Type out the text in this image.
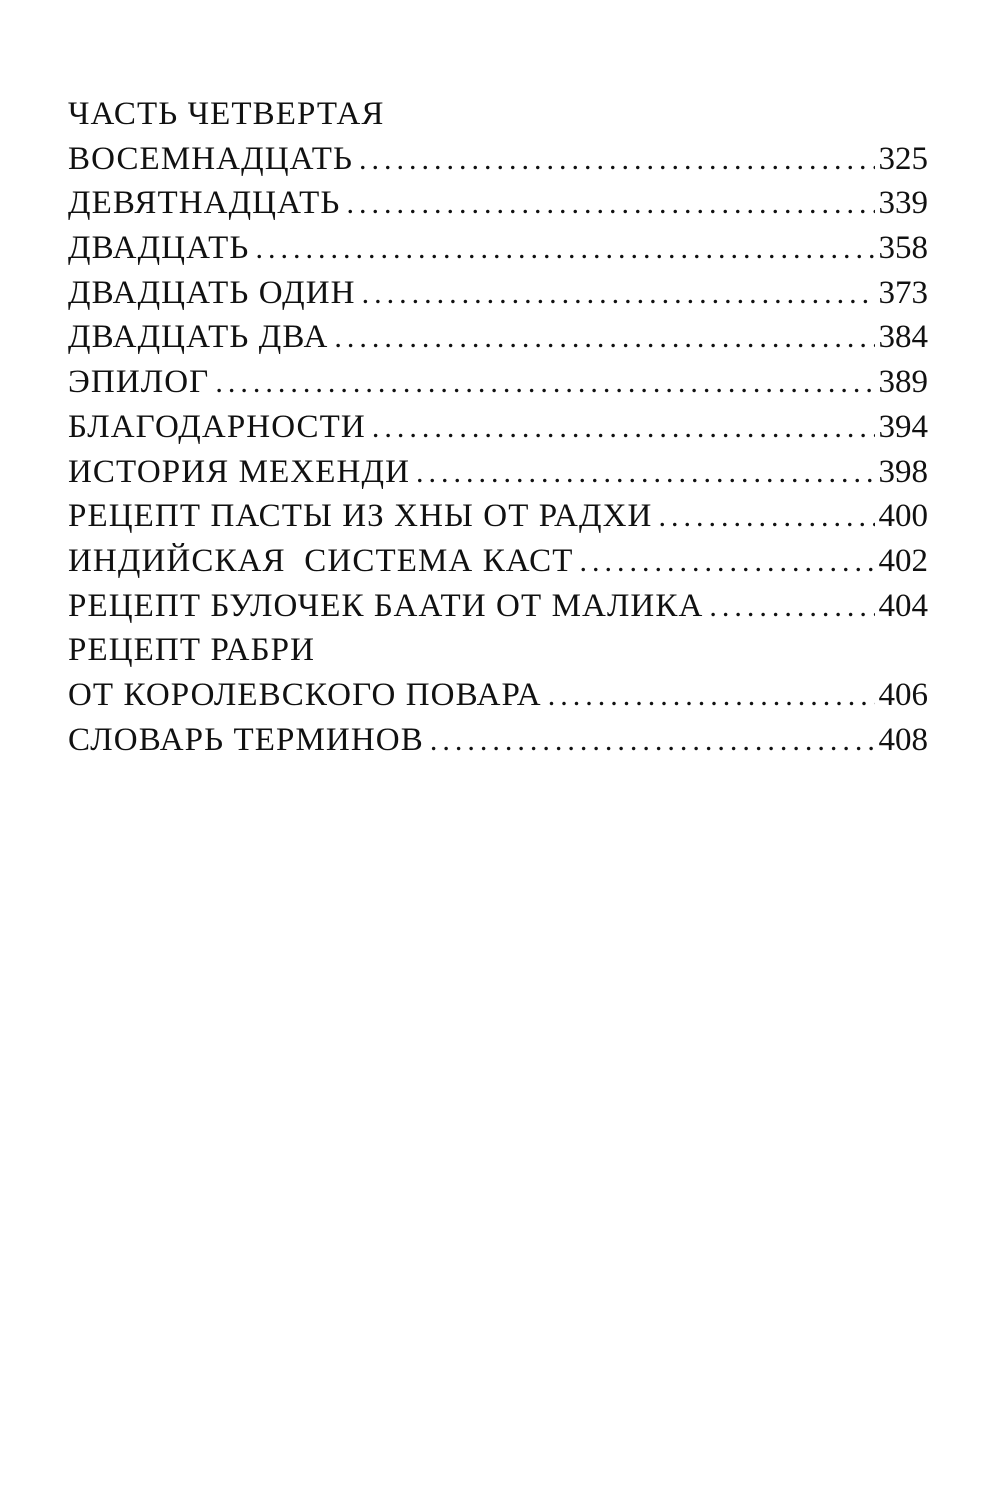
ЧАСТЬ ЧЕТВЕРТАЯ
ВОСЕМНАДЦАТЬ .....	325
ДЕВЯТНАДЦАТЬ .....	339
ДВАДЦАТЬ .....	358
ДВАДЦАТЬ ОДИН .....	373
ДВАДЦАТЬ ДВА .....	384
ЭПИЛОГ .....	389
БЛАГОДАРНОСТИ .....	394
ИСТОРИЯ МЕХЕНДИ .....	398
РЕЦЕПТ ПАСТЫ ИЗ ХНЫ ОТ РАДХИ .....	400
ИНДИЙСКАЯ  СИСТЕМА КАСТ .....	402
РЕЦЕПТ БУЛОЧЕК БААТИ ОТ МАЛИКА .....	404
РЕЦЕПТ РАБРИ
ОТ КОРОЛЕВСКОГО ПОВАРА .....	406
СЛОВАРЬ ТЕРМИНОВ .....	408
